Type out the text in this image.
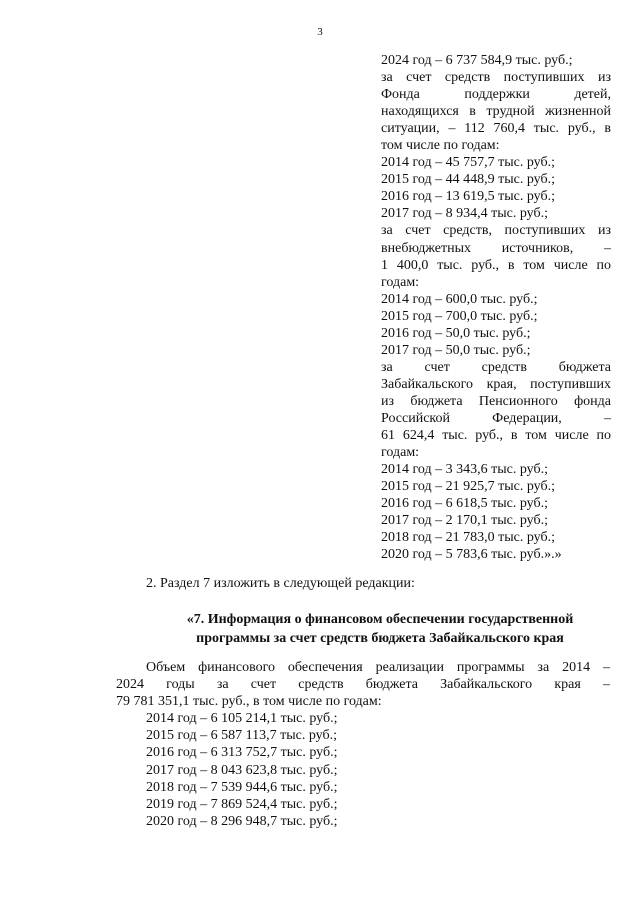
3
2024 год – 6 737 584,9 тыс. руб.;
за счет средств поступивших из
Фонда поддержки детей,
находящихся в трудной жизненной
ситуации, – 112 760,4 тыс. руб., в
том числе по годам:
2014 год – 45 757,7 тыс. руб.;
2015 год – 44 448,9 тыс. руб.;
2016 год – 13 619,5 тыс. руб.;
2017 год – 8 934,4 тыс. руб.;
за счет средств, поступивших из
внебюджетных источников, –
1 400,0 тыс. руб., в том числе по
годам:
2014 год – 600,0 тыс. руб.;
2015 год – 700,0 тыс. руб.;
2016 год – 50,0 тыс. руб.;
2017 год – 50,0 тыс. руб.;
за счет средств бюджета
Забайкальского края, поступивших
из бюджета Пенсионного фонда
Российской Федерации, –
61 624,4 тыс. руб., в том числе по
годам:
2014 год – 3 343,6 тыс. руб.;
2015 год – 21 925,7 тыс. руб.;
2016 год – 6 618,5 тыс. руб.;
2017 год – 2 170,1 тыс. руб.;
2018 год – 21 783,0 тыс. руб.;
2020 год – 5 783,6 тыс. руб.».»
2. Раздел 7 изложить в следующей редакции:
«7. Информация о финансовом обеспечении государственной
программы за счет средств бюджета Забайкальского края
Объем финансового обеспечения реализации программы за 2014 –
2024 годы за счет средств бюджета Забайкальского края –
79 781 351,1 тыс. руб., в том числе по годам:
2014 год – 6 105 214,1 тыс. руб.;
2015 год – 6 587 113,7 тыс. руб.;
2016 год – 6 313 752,7 тыс. руб.;
2017 год – 8 043 623,8 тыс. руб.;
2018 год – 7 539 944,6 тыс. руб.;
2019 год – 7 869 524,4 тыс. руб.;
2020 год – 8 296 948,7 тыс. руб.;
